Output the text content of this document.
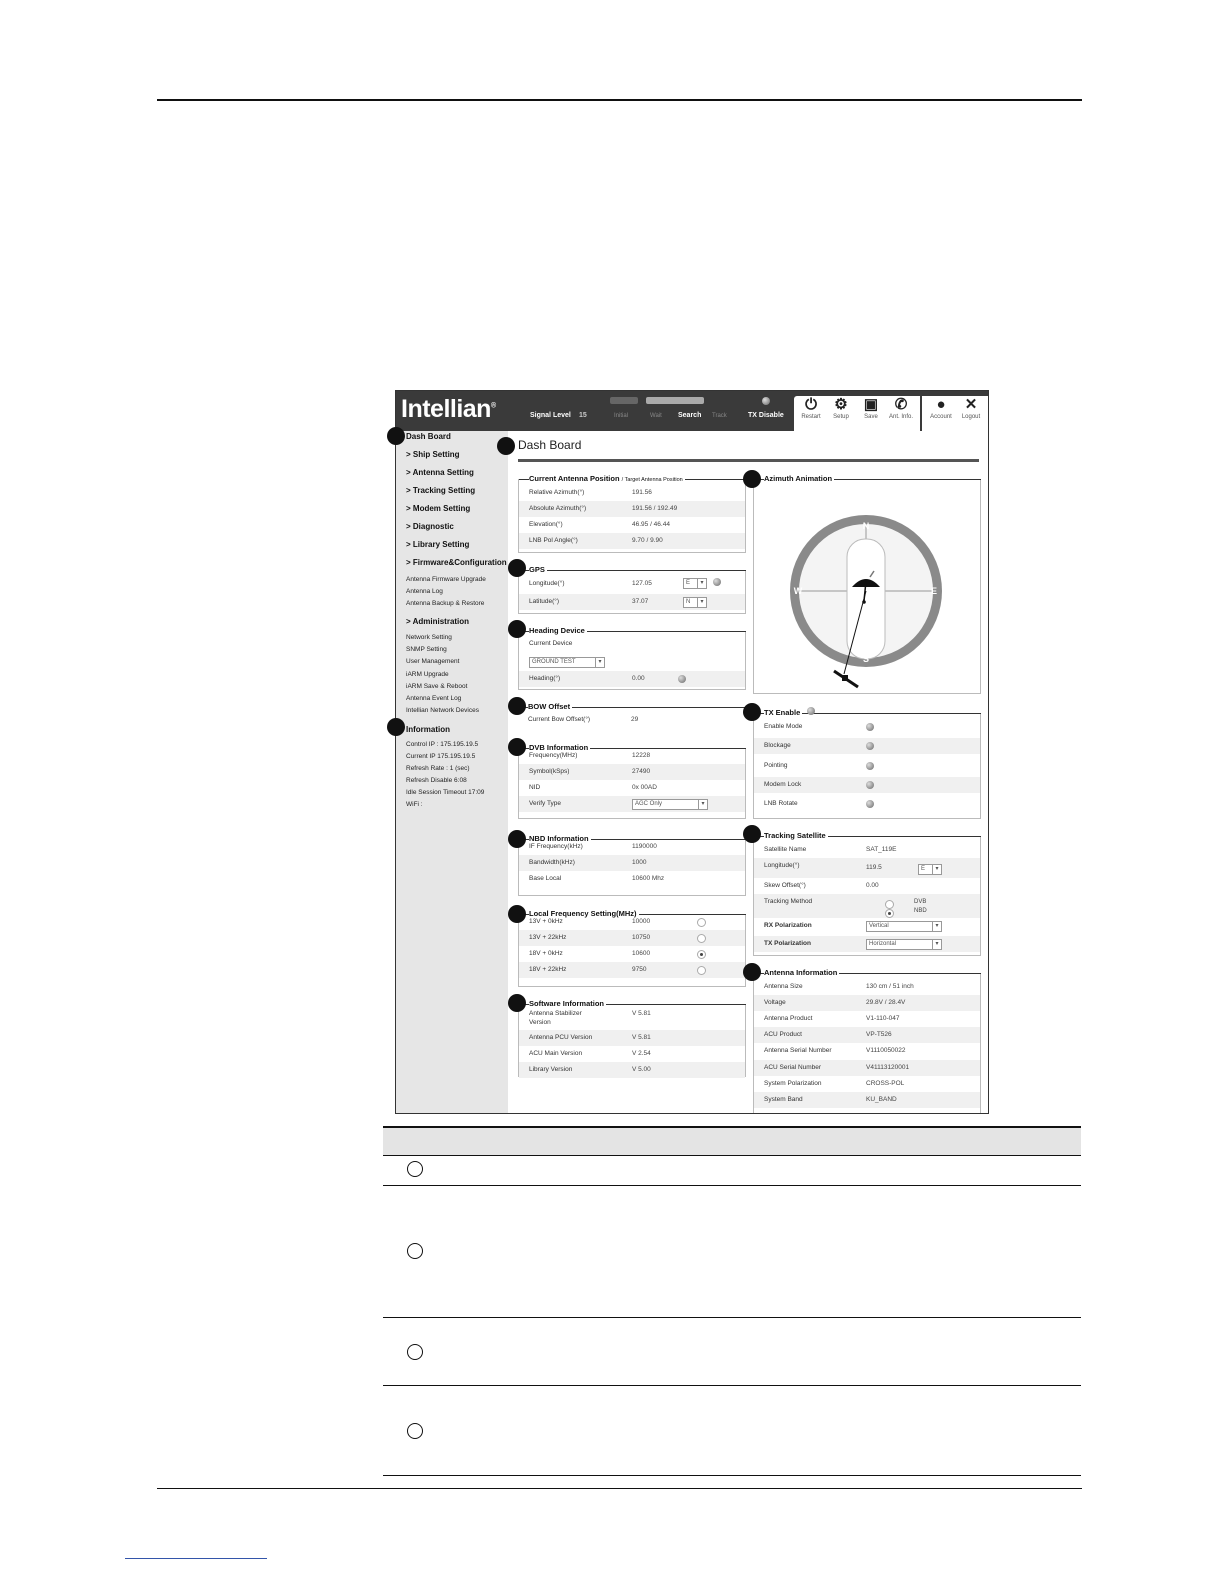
Intellian®
Signal Level 15	Initial	Wait Search Track	TX Disable
⏻
Restart
⚙
Setup
▣
Save
✆
Ant. Info.
●
Account
✕
Logout
Dash Board
> Ship Setting
> Antenna Setting
> Tracking Setting
> Modem Setting
> Diagnostic
> Library Setting
> Firmware&Configuration
Antenna Firmware Upgrade
Antenna Log
Antenna Backup & Restore
> Administration
Network Setting
SNMP Setting
User Management
iARM Upgrade
iARM Save & Reboot
Antenna Event Log
Intellian Network Devices
Information
Control IP : 175.195.19.5
Current IP 175.195.19.5
Refresh Rate : 1 (sec)
Refresh Disable 6:08
Idle Session Timeout 17:09
WiFi :
Dash Board
Current Antenna Position / Target Antenna Position
Relative Azimuth(°)	191.56
Absolute Azimuth(°)	191.56 / 192.49
Elevation(°)	46.95 / 46.44
LNB Pol Angle(°)	9.70 / 9.90
GPS
Longitude(°)	127.05	E ▾
Latitude(°)	37.07	N ▾
Heading Device
Current Device
GROUND TEST ▾
Heading(°)	0.00
BOW Offset
Current Bow Offset(°)	29
DVB Information
Frequency(MHz)	12228
Symbol(kSps)	27490
NID	0x 00AD
Verify Type	AGC Only ▾
NBD Information
IF Frequency(kHz)	1190000
Bandwidth(kHz)	1000
Base Local	10600 Mhz
Local Frequency Setting(MHz)
13V + 0kHz	10000
13V + 22kHz	10750
18V + 0kHz	10600
18V + 22kHz	9750
Software Information
Antenna Stabilizer
Version
V 5.81
Antenna PCU Version	V 5.81
ACU Main Version	V 2.54
Library Version	V 5.00
Azimuth Animation
N
S
E
W
TX Enable
Enable Mode
Blockage
Pointing
Modem Lock
LNB Rotate
Tracking Satellite
Satellite Name	SAT_119E
Longitude(°)	119.5	E ▾
Skew Offset(°)	0.00
Tracking Method	DVB
NBD
RX Polarization	Vertical ▾
TX Polarization	Horizontal ▾
Antenna Information
Antenna Size	130 cm / 51 inch
Voltage	29.8V / 28.4V
Antenna Product	V1-110-047
ACU Product	VP-T526
Antenna Serial Number	V1110050022
ACU Serial Number	V41113120001
System Polarization	CROSS-POL
System Band	KU_BAND
